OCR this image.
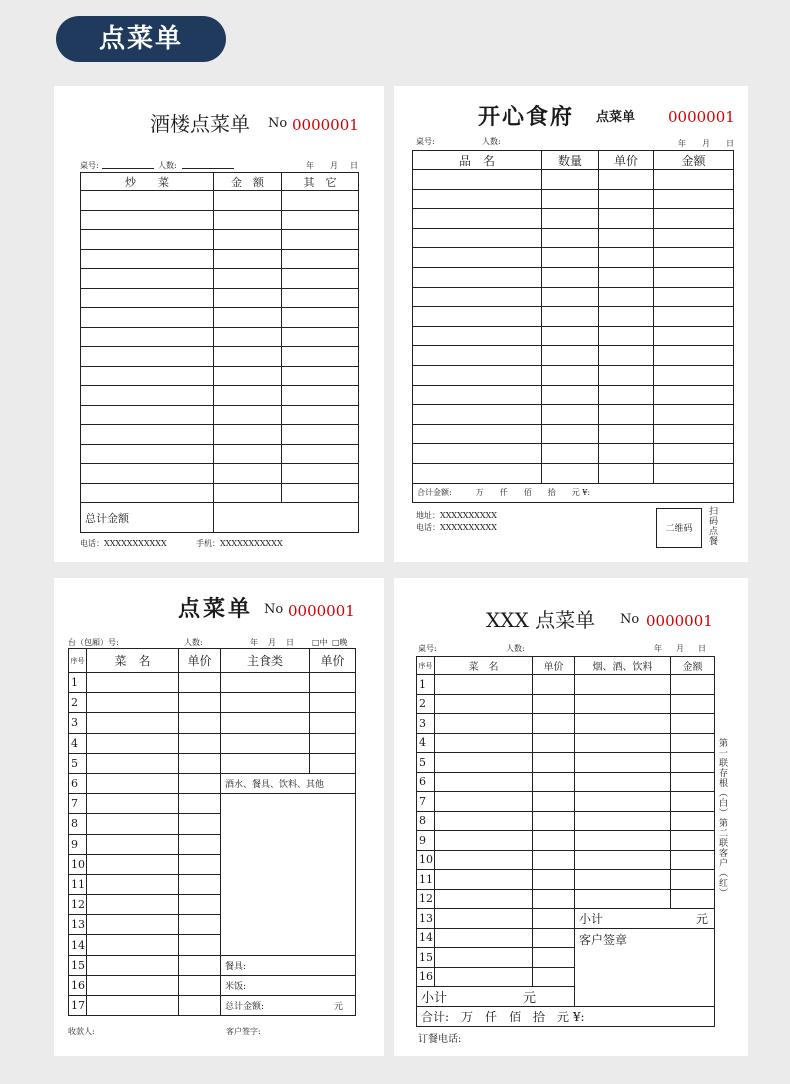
点菜单
酒楼点菜单 No 0000001
桌号:	人数:	年 月 日
炒　　菜	金　额	其　它

总计金额		
电话：XXXXXXXXXXX	手机：XXXXXXXXXXX
开心食府 点菜单 0000001
桌号:	人数:	年 月 日
品　名	数量	单价	金额

合计金额:　　　万　　仟　　佰　　拾　　元 ¥:			
地址：XXXXXXXXXX
电话：XXXXXXXXXX	二维码	扫码点餐
点菜单 No 0000001
台（包厢）号:	人数:	年 月 日 □中 □晚
序号	菜　名	单价	主食类	单价
1				
2				
3				
4				
5				
6			酒水、餐具、饮料、其他	
7				
8				
9				
10				
11				
12				
13				
14				
15			餐具:	
16			米饭:	
17			总计金额: 元	
收款人:	客户签字:
XXX 点菜单 No 0000001
桌号:	人数:	年 月 日
序号	菜　名	单价	烟、酒、饮料	金额
1				
2				
3				
4				
5				
6				
7				
8				
9				
10				
11				
12				
13			小计 元	

14			客户签章	
15				
16				
小计 元				

合计:　万　仟　佰　拾　元 ¥:				
第一联存根（白）
第二联客户（红）
订餐电话:
